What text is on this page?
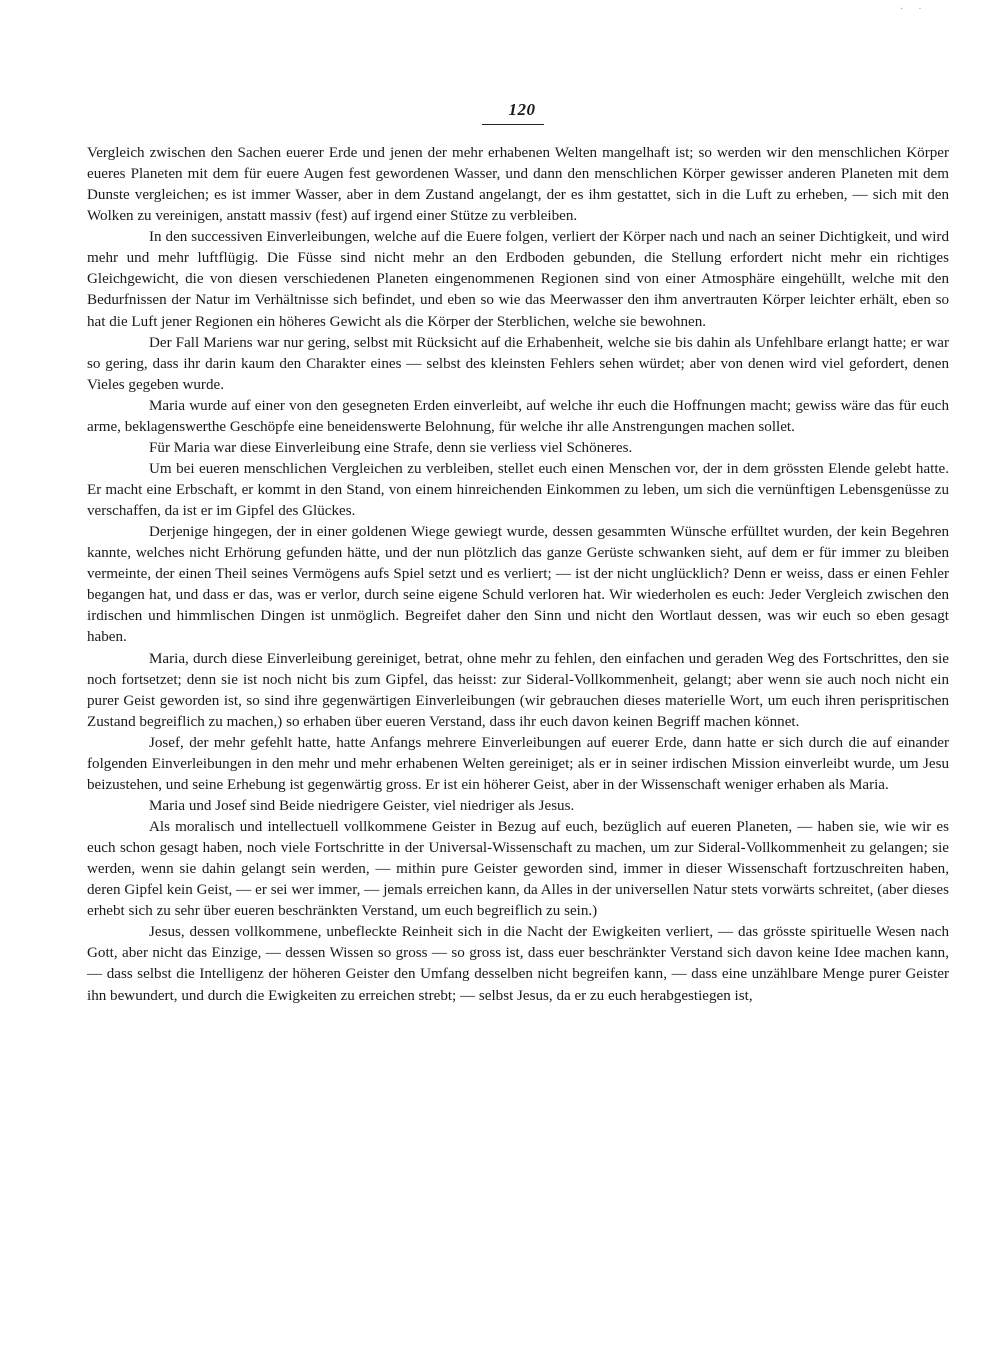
· ·
120

Vergleich zwischen den Sachen euerer Erde und jenen der mehr erhabenen Welten mangelhaft ist; so werden wir den menschlichen Körper eueres Planeten mit dem für euere Augen fest gewordenen Wasser, und dann den menschlichen Körper gewisser anderen Planeten mit dem Dunste vergleichen; es ist immer Wasser, aber in dem Zustand angelangt, der es ihm gestattet, sich in die Luft zu erheben, — sich mit den Wolken zu vereinigen, anstatt massiv (fest) auf irgend einer Stütze zu verbleiben.

In den successiven Einverleibungen, welche auf die Euere folgen, verliert der Körper nach und nach an seiner Dichtigkeit, und wird mehr und mehr luftflügig. Die Füsse sind nicht mehr an den Erdboden gebunden, die Stellung erfordert nicht mehr ein richtiges Gleichgewicht, die von diesen verschiedenen Planeten eingenommenen Regionen sind von einer Atmosphäre eingehüllt, welche mit den Bedurfnissen der Natur im Verhältnisse sich befindet, und eben so wie das Meerwasser den ihm anvertrauten Körper leichter erhält, eben so hat die Luft jener Regionen ein höheres Gewicht als die Körper der Sterblichen, welche sie bewohnen.

Der Fall Mariens war nur gering, selbst mit Rücksicht auf die Erhabenheit, welche sie bis dahin als Unfehlbare erlangt hatte; er war so gering, dass ihr darin kaum den Charakter eines — selbst des kleinsten Fehlers sehen würdet; aber von denen wird viel gefordert, denen Vieles gegeben wurde.

Maria wurde auf einer von den gesegneten Erden einverleibt, auf welche ihr euch die Hoffnungen macht; gewiss wäre das für euch arme, beklagenswerthe Geschöpfe eine beneidenswerte Belohnung, für welche ihr alle Anstrengungen machen sollet.

Für Maria war diese Einverleibung eine Strafe, denn sie verliess viel Schöneres.

Um bei eueren menschlichen Vergleichen zu verbleiben, stellet euch einen Menschen vor, der in dem grössten Elende gelebt hatte. Er macht eine Erbschaft, er kommt in den Stand, von einem hinreichenden Einkommen zu leben, um sich die vernünftigen Lebensgenüsse zu verschaffen, da ist er im Gipfel des Glückes.

Derjenige hingegen, der in einer goldenen Wiege gewiegt wurde, dessen gesammten Wünsche erfülltet wurden, der kein Begehren kannte, welches nicht Erhörung gefunden hätte, und der nun plötzlich das ganze Gerüste schwanken sieht, auf dem er für immer zu bleiben vermeinte, der einen Theil seines Vermögens aufs Spiel setzt und es verliert; — ist der nicht unglücklich? Denn er weiss, dass er einen Fehler begangen hat, und dass er das, was er verlor, durch seine eigene Schuld verloren hat. Wir wiederholen es euch: Jeder Vergleich zwischen den irdischen und himmlischen Dingen ist unmöglich. Begreifet daher den Sinn und nicht den Wortlaut dessen, was wir euch so eben gesagt haben.

Maria, durch diese Einverleibung gereiniget, betrat, ohne mehr zu fehlen, den einfachen und geraden Weg des Fortschrittes, den sie noch fortsetzet; denn sie ist noch nicht bis zum Gipfel, das heisst: zur Sideral-Vollkommenheit, gelangt; aber wenn sie auch noch nicht ein purer Geist geworden ist, so sind ihre gegenwärtigen Einverleibungen (wir gebrauchen dieses materielle Wort, um euch ihren perispritischen Zustand begreiflich zu machen,) so erhaben über eueren Verstand, dass ihr euch davon keinen Begriff machen könnet.

Josef, der mehr gefehlt hatte, hatte Anfangs mehrere Einverleibungen auf euerer Erde, dann hatte er sich durch die auf einander folgenden Einverleibungen in den mehr und mehr erhabenen Welten gereiniget; als er in seiner irdischen Mission einverleibt wurde, um Jesu beizustehen, und seine Erhebung ist gegenwärtig gross. Er ist ein höherer Geist, aber in der Wissenschaft weniger erhaben als Maria.

Maria und Josef sind Beide niedrigere Geister, viel niedriger als Jesus.

Als moralisch und intellectuell vollkommene Geister in Bezug auf euch, bezüglich auf eueren Planeten, — haben sie, wie wir es euch schon gesagt haben, noch viele Fortschritte in der Universal-Wissenschaft zu machen, um zur Sideral-Vollkommenheit zu gelangen; sie werden, wenn sie dahin gelangt sein werden, — mithin pure Geister geworden sind, immer in dieser Wissenschaft fortzuschreiten haben, deren Gipfel kein Geist, — er sei wer immer, — jemals erreichen kann, da Alles in der universellen Natur stets vorwärts schreitet, (aber dieses erhebt sich zu sehr über eueren beschränkten Verstand, um euch begreiflich zu sein.)

Jesus, dessen vollkommene, unbefleckte Reinheit sich in die Nacht der Ewigkeiten verliert, — das grösste spirituelle Wesen nach Gott, aber nicht das Einzige, — dessen Wissen so gross — so gross ist, dass euer beschränkter Verstand sich davon keine Idee machen kann, — dass selbst die Intelligenz der höheren Geister den Umfang desselben nicht begreifen kann, — dass eine unzählbare Menge purer Geister ihn bewundert, und durch die Ewigkeiten zu erreichen strebt; — selbst Jesus, da er zu euch herabgestiegen ist,
